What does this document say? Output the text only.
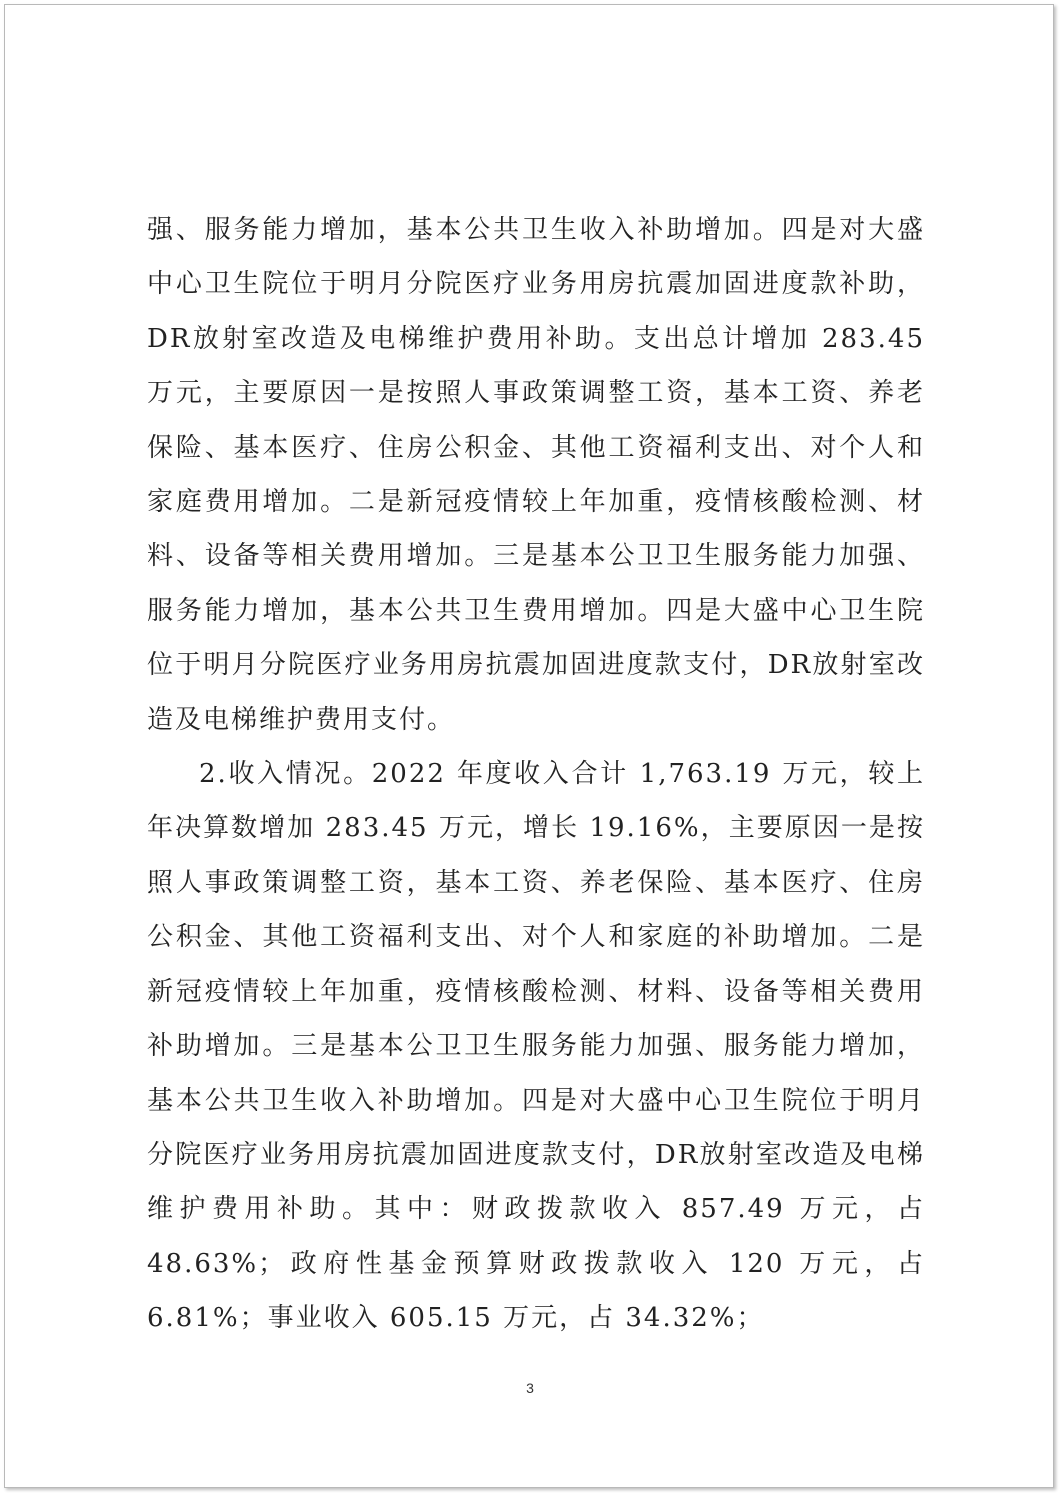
强、服务能力增加，基本公共卫生收入补助增加。四是对大盛中心卫生院位于明月分院医疗业务用房抗震加固进度款补助，DR放射室改造及电梯维护费用补助。支出总计增加 283.45 万元，主要原因一是按照人事政策调整工资，基本工资、养老保险、基本医疗、住房公积金、其他工资福利支出、对个人和家庭费用增加。二是新冠疫情较上年加重，疫情核酸检测、材料、设备等相关费用增加。三是基本公卫卫生服务能力加强、服务能力增加，基本公共卫生费用增加。四是大盛中心卫生院位于明月分院医疗业务用房抗震加固进度款支付，DR放射室改造及电梯维护费用支付。

2.收入情况。2022 年度收入合计 1,763.19 万元，较上年决算数增加 283.45 万元，增长 19.16%，主要原因一是按照人事政策调整工资，基本工资、养老保险、基本医疗、住房公积金、其他工资福利支出、对个人和家庭的补助增加。二是新冠疫情较上年加重，疫情核酸检测、材料、设备等相关费用补助增加。三是基本公卫卫生服务能力加强、服务能力增加，基本公共卫生收入补助增加。四是对大盛中心卫生院位于明月分院医疗业务用房抗震加固进度款支付，DR放射室改造及电梯维护费用补助。其中：财政拨款收入 857.49 万元，占 48.63%；政府性基金预算财政拨款收入 120 万元，占 6.81%；事业收入 605.15 万元，占 34.32%；

3
